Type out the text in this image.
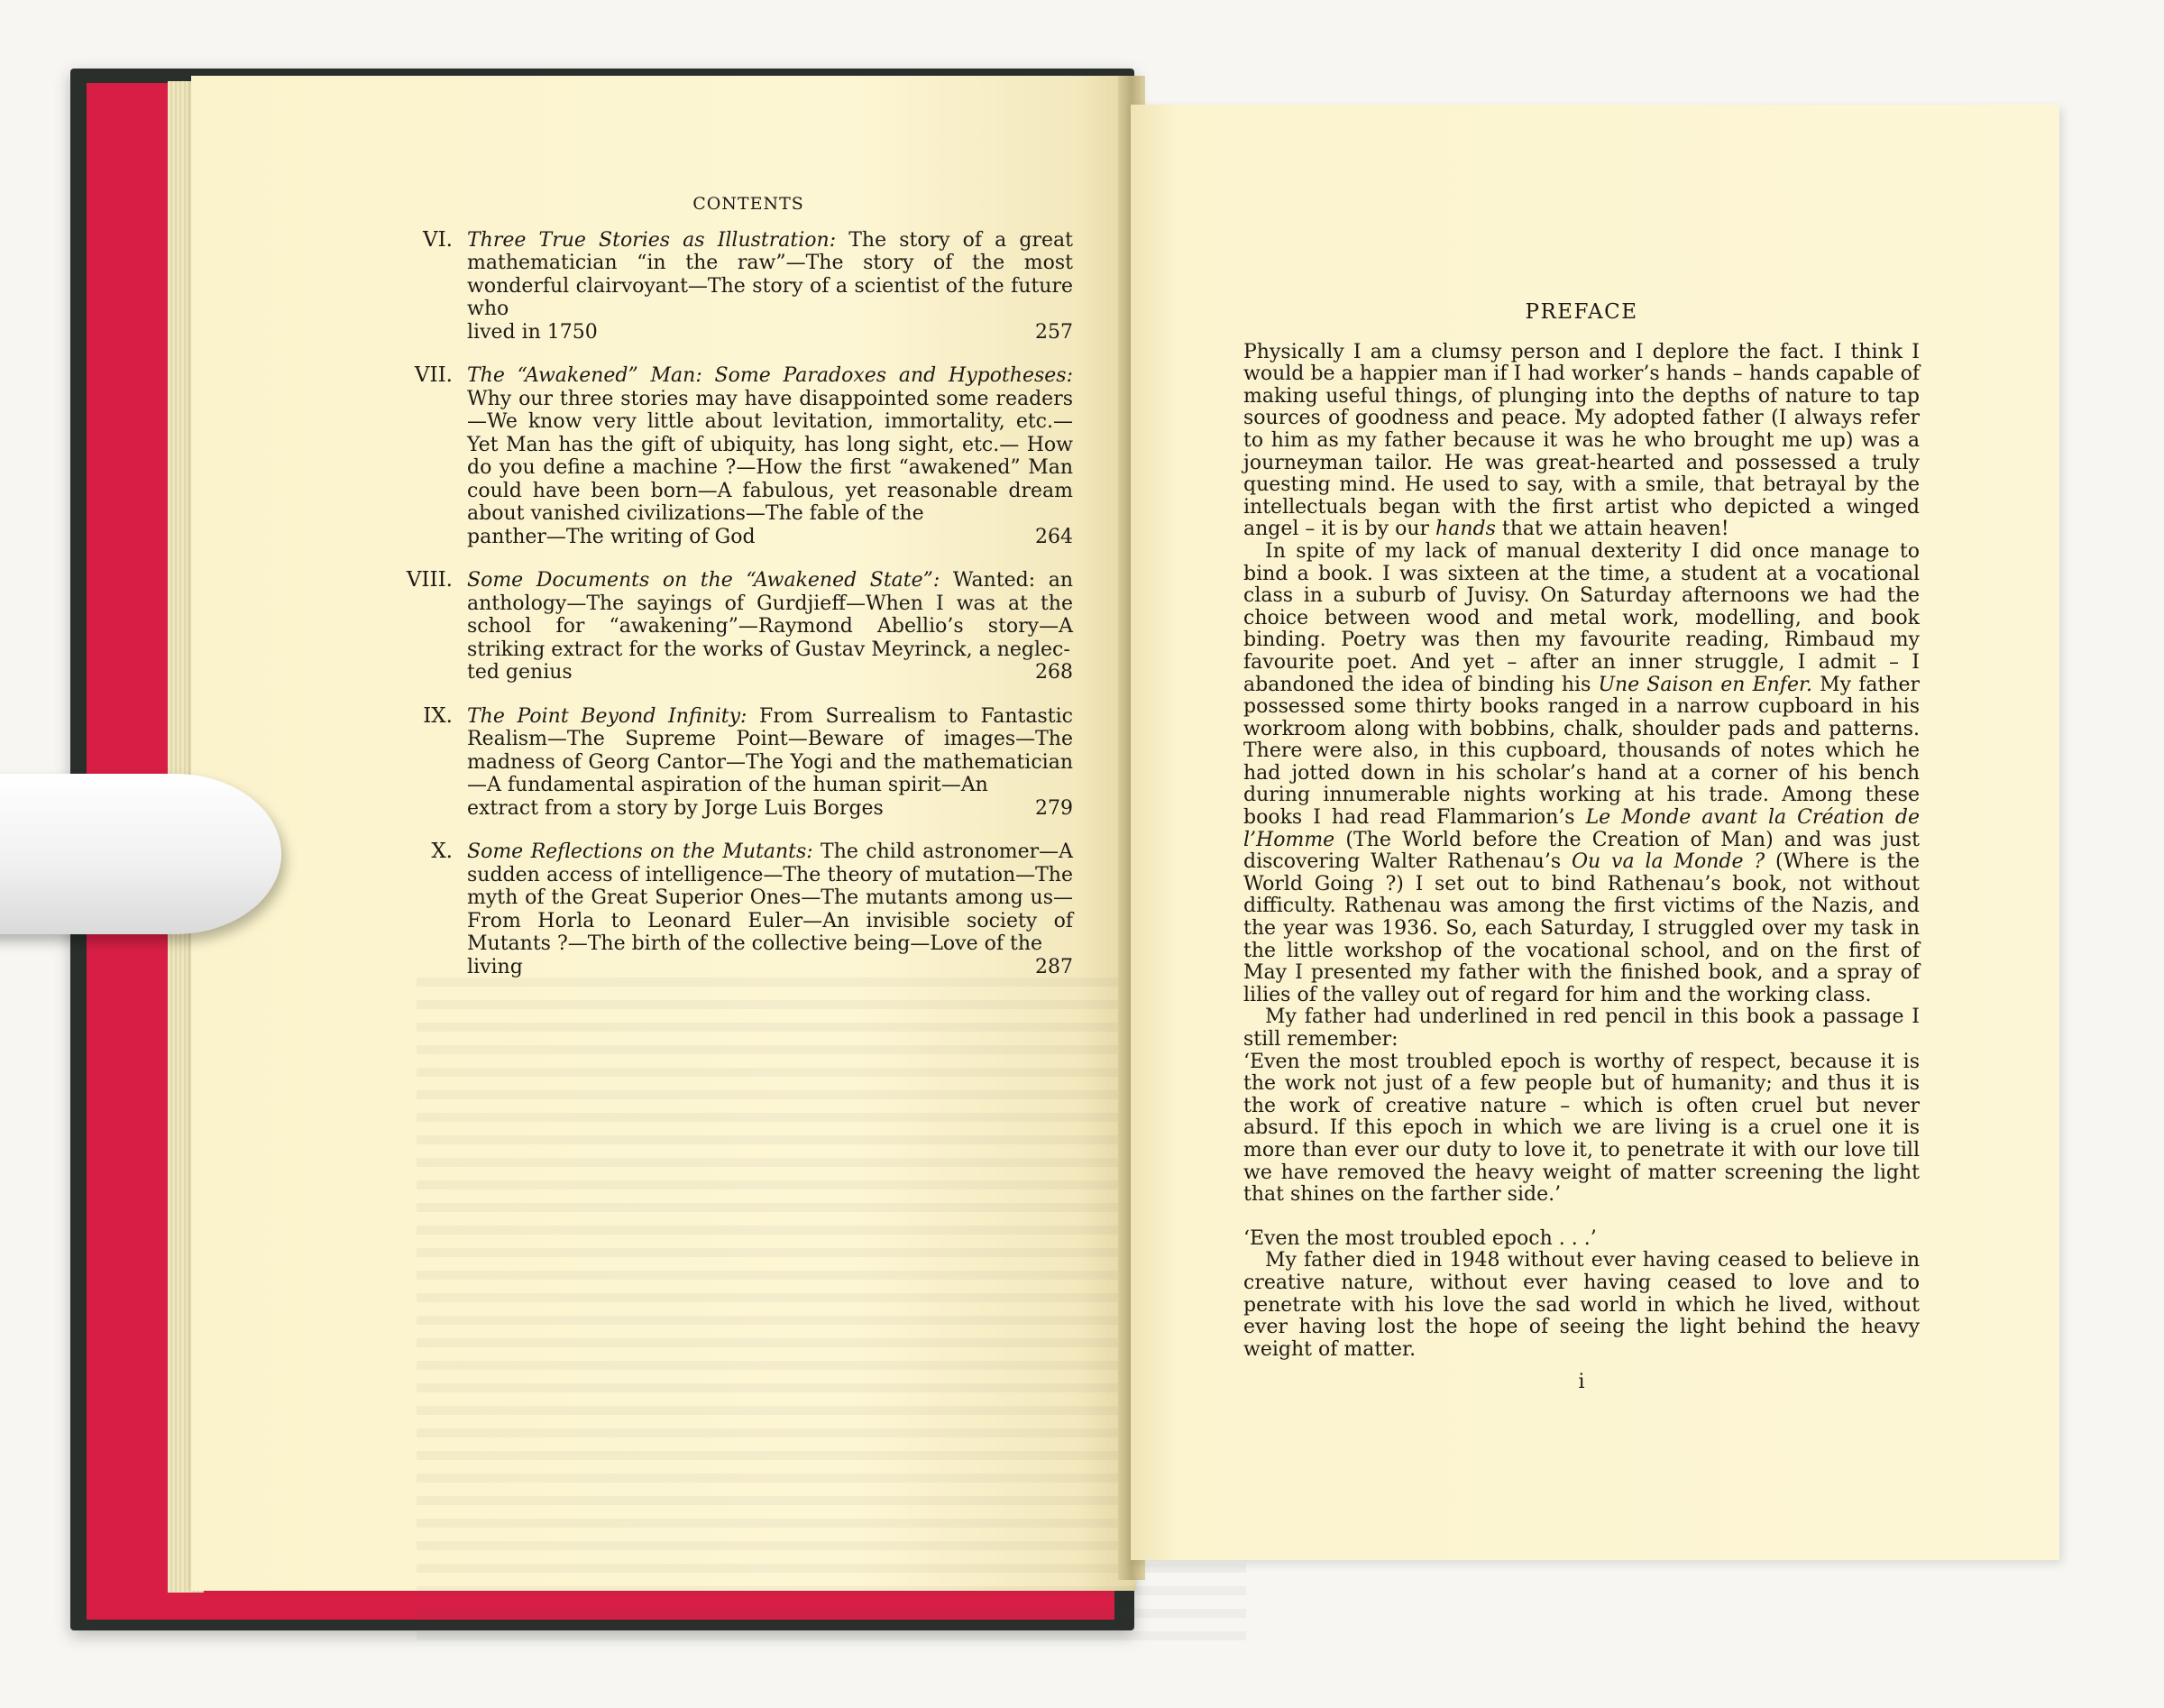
CONTENTS
VI. Three True Stories as Illustration: The story of a great mathematician “in the raw”—The story of the most wonderful clairvoyant—The story of a scientist of the future who
lived in 1750	257
VII. The “Awakened” Man: Some Paradoxes and Hypotheses: Why our three stories may have disappointed some readers —We know very little about levitation, immortality, etc.— Yet Man has the gift of ubiquity, has long sight, etc.— How do you define a machine ?—How the first “awakened” Man could have been born—A fabulous, yet reasonable dream about vanished civilizations—The fable of the
panther—The writing of God	264
VIII. Some Documents on the “Awakened State”: Wanted: an anthology—The sayings of Gurdjieff—When I was at the school for “awakening”—Raymond Abellio’s story—A striking extract for the works of Gustav Meyrinck, a neglec-
ted genius	268
IX. The Point Beyond Infinity: From Surrealism to Fantastic Realism—The Supreme Point—Beware of images—The madness of Georg Cantor—The Yogi and the mathematician—A fundamental aspiration of the human spirit—An
extract from a story by Jorge Luis Borges	279
X. Some Reflections on the Mutants: The child astronomer—A sudden access of intelligence—The theory of mutation—The myth of the Great Superior Ones—The mutants among us—From Horla to Leonard Euler—An invisible society of Mutants ?—The birth of the collective being—Love of the
living	287
PREFACE

Physically I am a clumsy person and I deplore the fact. I think I would be a happier man if I had worker’s hands – hands capable of making useful things, of plunging into the depths of nature to tap sources of goodness and peace. My adopted father (I always refer to him as my father because it was he who brought me up) was a journeyman tailor. He was great-hearted and possessed a truly questing mind. He used to say, with a smile, that betrayal by the intellectuals began with the first artist who depicted a winged angel – it is by our hands that we attain heaven!

In spite of my lack of manual dexterity I did once manage to bind a book. I was sixteen at the time, a student at a vocational class in a suburb of Juvisy. On Saturday afternoons we had the choice between wood and metal work, modelling, and book binding. Poetry was then my favourite reading, Rimbaud my favourite poet. And yet – after an inner struggle, I admit – I abandoned the idea of binding his Une Saison en Enfer. My father possessed some thirty books ranged in a narrow cupboard in his workroom along with bobbins, chalk, shoulder pads and patterns. There were also, in this cupboard, thousands of notes which he had jotted down in his scholar’s hand at a corner of his bench during innumerable nights working at his trade. Among these books I had read Flammarion’s Le Monde avant la Création de l’Homme (The World before the Creation of Man) and was just discovering Walter Rathenau’s Ou va la Monde ? (Where is the World Going ?) I set out to bind Rathenau’s book, not without difficulty. Rathenau was among the first victims of the Nazis, and the year was 1936. So, each Saturday, I struggled over my task in the little workshop of the vocational school, and on the first of May I presented my father with the finished book, and a spray of lilies of the valley out of regard for him and the working class.

My father had underlined in red pencil in this book a passage I still remember:

‘Even the most troubled epoch is worthy of respect, because it is the work not just of a few people but of humanity; and thus it is the work of creative nature – which is often cruel but never absurd. If this epoch in which we are living is a cruel one it is more than ever our duty to love it, to penetrate it with our love till we have removed the heavy weight of matter screening the light that shines on the farther side.’

‘Even the most troubled epoch . . .’

My father died in 1948 without ever having ceased to believe in creative nature, without ever having ceased to love and to penetrate with his love the sad world in which he lived, without ever having lost the hope of seeing the light behind the heavy weight of matter.

i
